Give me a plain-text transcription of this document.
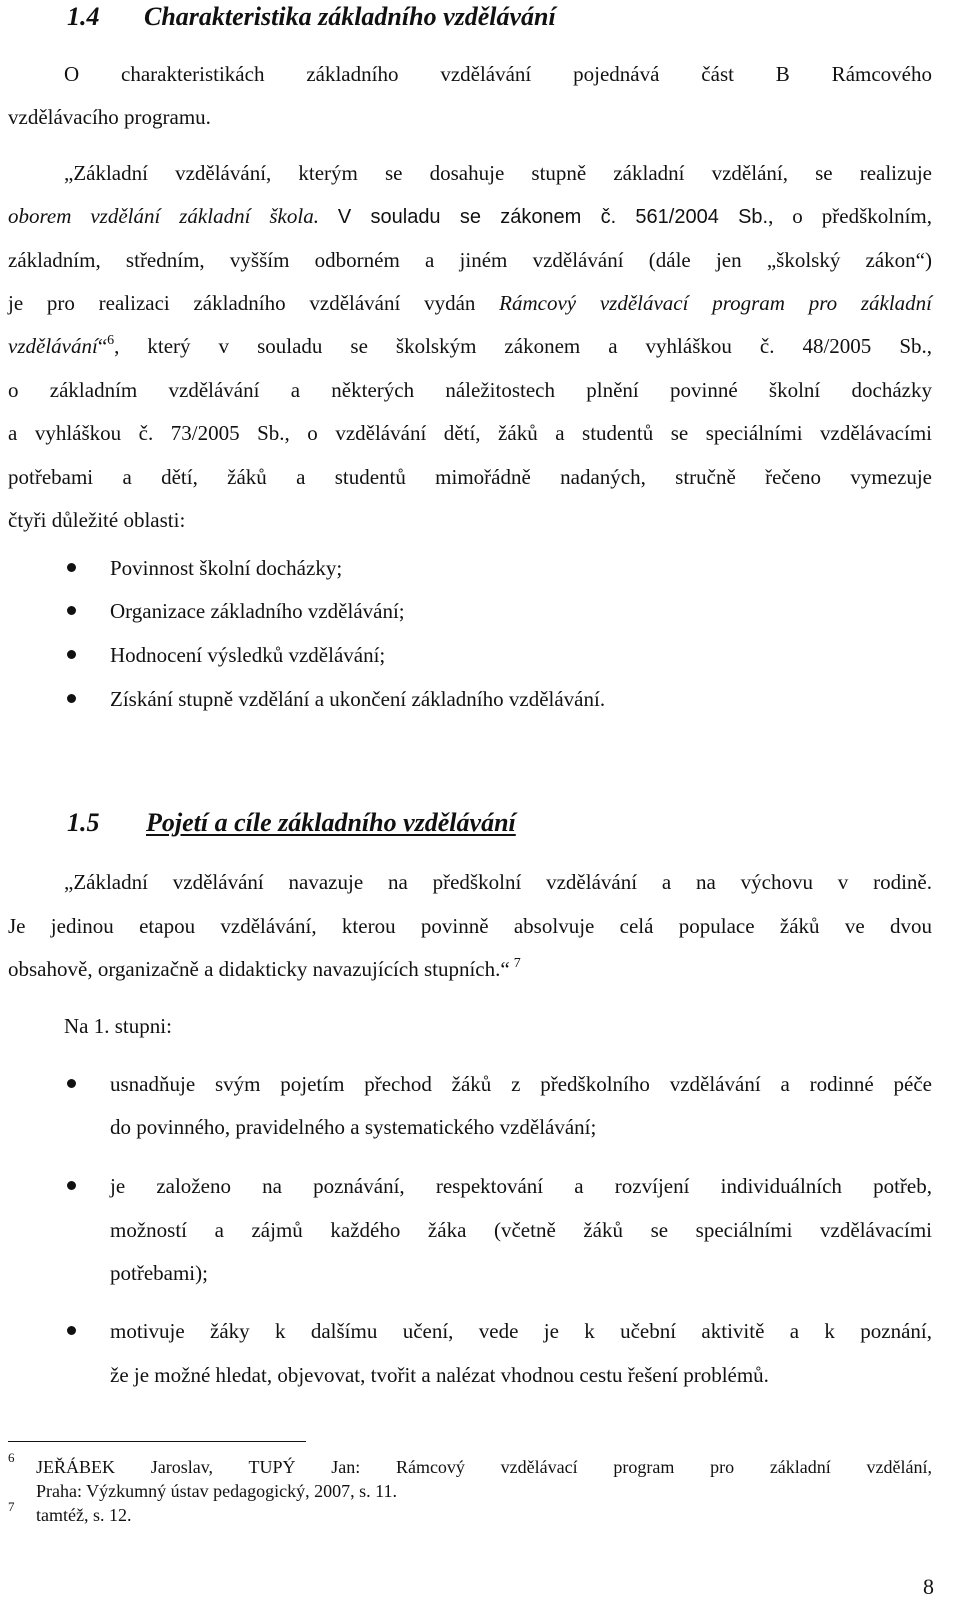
1.4 Charakteristika základního vzdělávání
O charakteristikách základního vzdělávání pojednává část B Rámcového
vzdělávacího programu.
„Základní vzdělávání, kterým se dosahuje stupně základní vzdělání, se realizuje
oborem vzdělání základní škola. V souladu se zákonem č. 561/2004 Sb., o předškolním,
základním, středním, vyšším odborném a jiném vzdělávání (dále jen „školský zákon“)
je pro realizaci základního vzdělávání vydán Rámcový vzdělávací program pro základní
vzdělávání“$^6$, který v souladu se školským zákonem a vyhláškou č. 48/2005 Sb.,
o základním vzdělávání a některých náležitostech plnění povinné školní docházky
a vyhláškou č. 73/2005 Sb., o vzdělávání dětí, žáků a studentů se speciálními vzdělávacími
potřebami a dětí, žáků a studentů mimořádně nadaných, stručně řečeno vymezuje
čtyři důležité oblasti:
Povinnost školní docházky;
Organizace základního vzdělávání;
Hodnocení výsledků vzdělávání;
Získání stupně vzdělání a ukončení základního vzdělávání.
1.5 Pojetí a cíle základního vzdělávání
„Základní vzdělávání navazuje na předškolní vzdělávání a na výchovu v rodině.
Je jedinou etapou vzdělávání, kterou povinně absolvuje celá populace žáků ve dvou
obsahově, organizačně a didakticky navazujících stupních.“ $^7$
Na 1. stupni:
usnadňuje svým pojetím přechod žáků z předškolního vzdělávání a rodinné péče
do povinného, pravidelného a systematického vzdělávání;
je založeno na poznávání, respektování a rozvíjení individuálních potřeb,
možností a zájmů každého žáka (včetně žáků se speciálními vzdělávacími
potřebami);
motivuje žáky k dalšímu učení, vede je k učební aktivitě a k poznání,
že je možné hledat, objevovat, tvořit a nalézat vhodnou cestu řešení problémů.
6 JEŘÁBEK Jaroslav, TUPÝ Jan: Rámcový vzdělávací program pro základní vzdělání,
Praha: Výzkumný ústav pedagogický, 2007, s. 11.
7 tamtéž, s. 12.
8
